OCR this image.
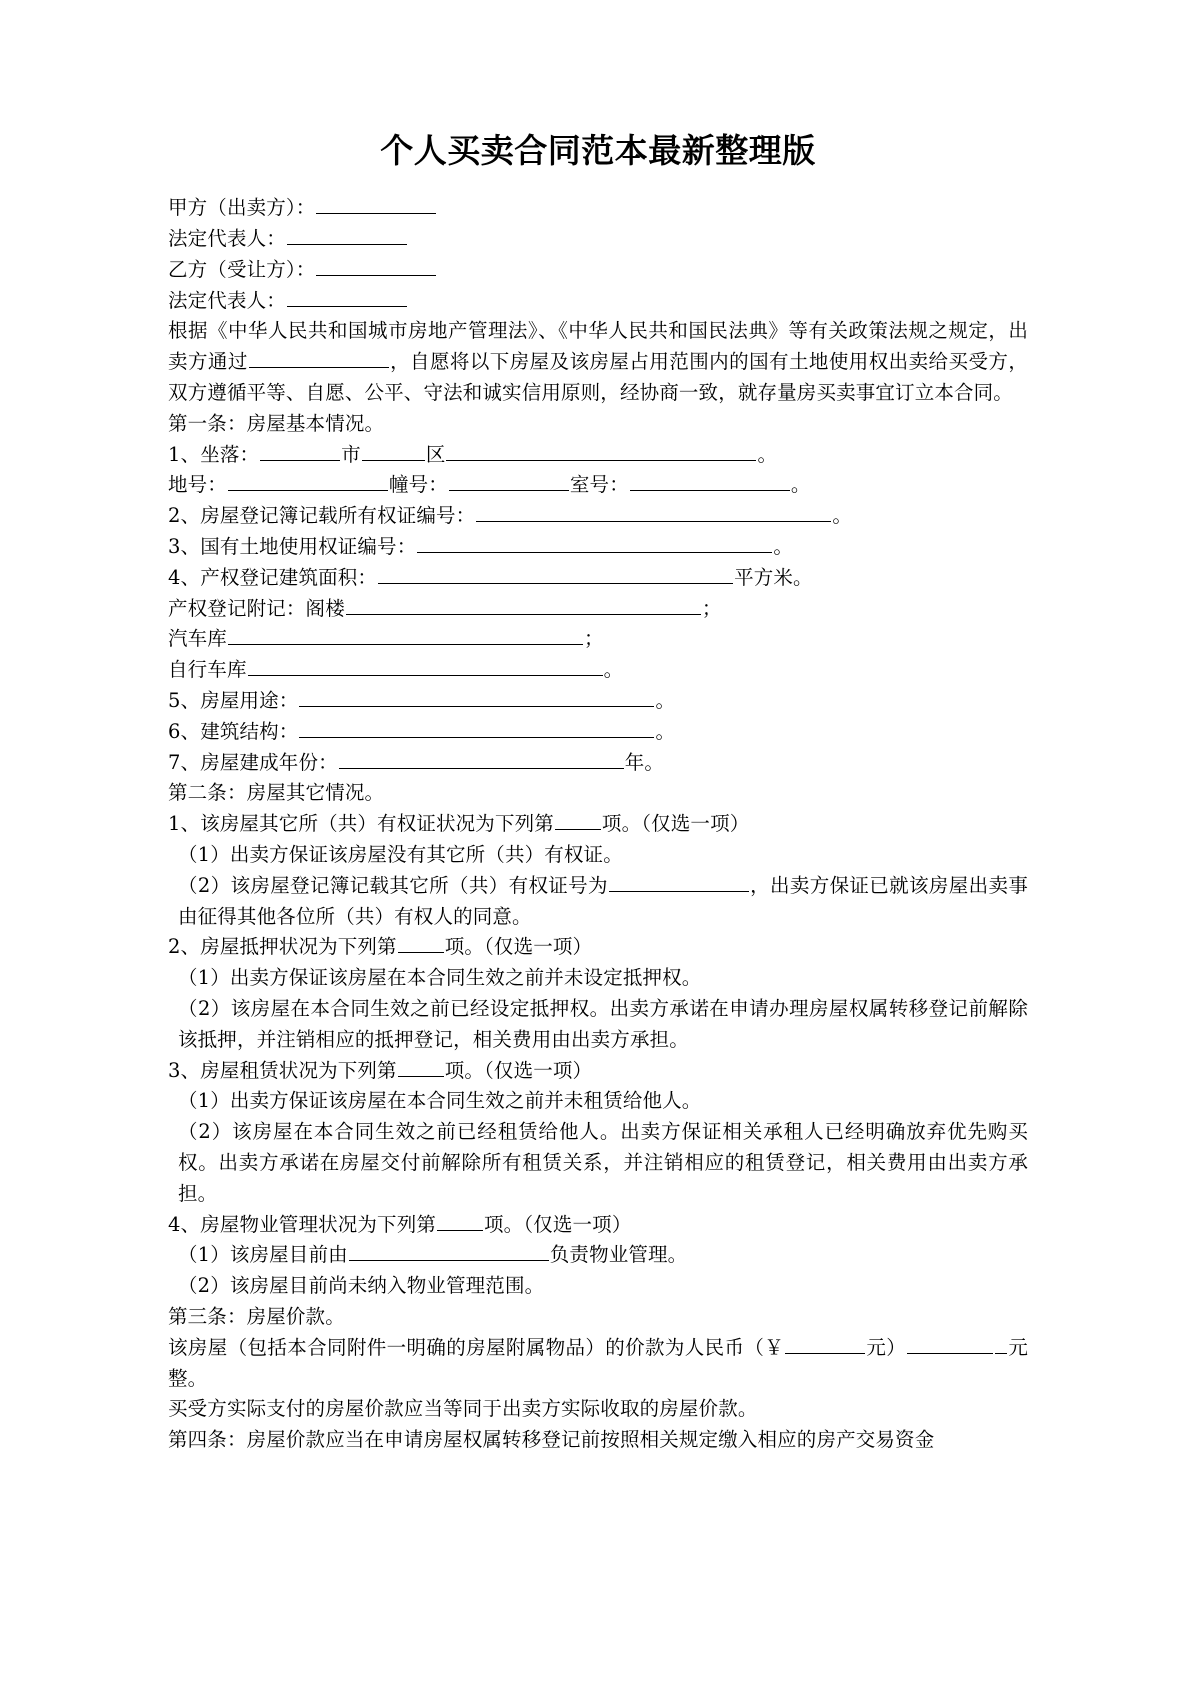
个人买卖合同范本最新整理版

甲方（出卖方）：

法定代表人：

乙方（受让方）：

法定代表人：

根据《中华人民共和国城市房地产管理法》、《中华人民共和国民法典》等有关政策法规之规定，出卖方通过	，自愿将以下房屋及该房屋占用范围内的国有土地使用权出卖给买受方，双方遵循平等、自愿、公平、守法和诚实信用原则，经协商一致，就存量房买卖事宜订立本合同。

第一条：房屋基本情况。

1、坐落：	市	区	。

地号：	幢号：	室号：	。

2、房屋登记簿记载所有权证编号：	。

3、国有土地使用权证编号：	。

4、产权登记建筑面积：	平方米。

产权登记附记：阁楼	；

汽车库	；

自行车库	。

5、房屋用途：	。

6、建筑结构：	。

7、房屋建成年份：	年。

第二条：房屋其它情况。

1、该房屋其它所（共）有权证状况为下列第 项。（仅选一项）

（1）出卖方保证该房屋没有其它所（共）有权证。

（2）该房屋登记簿记载其它所（共）有权证号为	，出卖方保证已就该房屋出卖事由征得其他各位所（共）有权人的同意。

2、房屋抵押状况为下列第 项。（仅选一项）

（1）出卖方保证该房屋在本合同生效之前并未设定抵押权。

（2）该房屋在本合同生效之前已经设定抵押权。出卖方承诺在申请办理房屋权属转移登记前解除该抵押，并注销相应的抵押登记，相关费用由出卖方承担。

3、房屋租赁状况为下列第 项。（仅选一项）

（1）出卖方保证该房屋在本合同生效之前并未租赁给他人。

（2）该房屋在本合同生效之前已经租赁给他人。出卖方保证相关承租人已经明确放弃优先购买权。出卖方承诺在房屋交付前解除所有租赁关系，并注销相应的租赁登记，相关费用由出卖方承担。

4、房屋物业管理状况为下列第 项。（仅选一项）

（1）该房屋目前由	负责物业管理。

（2）该房屋目前尚未纳入物业管理范围。

第三条：房屋价款。

该房屋（包括本合同附件一明确的房屋附属物品）的价款为人民币（￥	元）	元整。

买受方实际支付的房屋价款应当等同于出卖方实际收取的房屋价款。

第四条：房屋价款应当在申请房屋权属转移登记前按照相关规定缴入相应的房产交易资金
